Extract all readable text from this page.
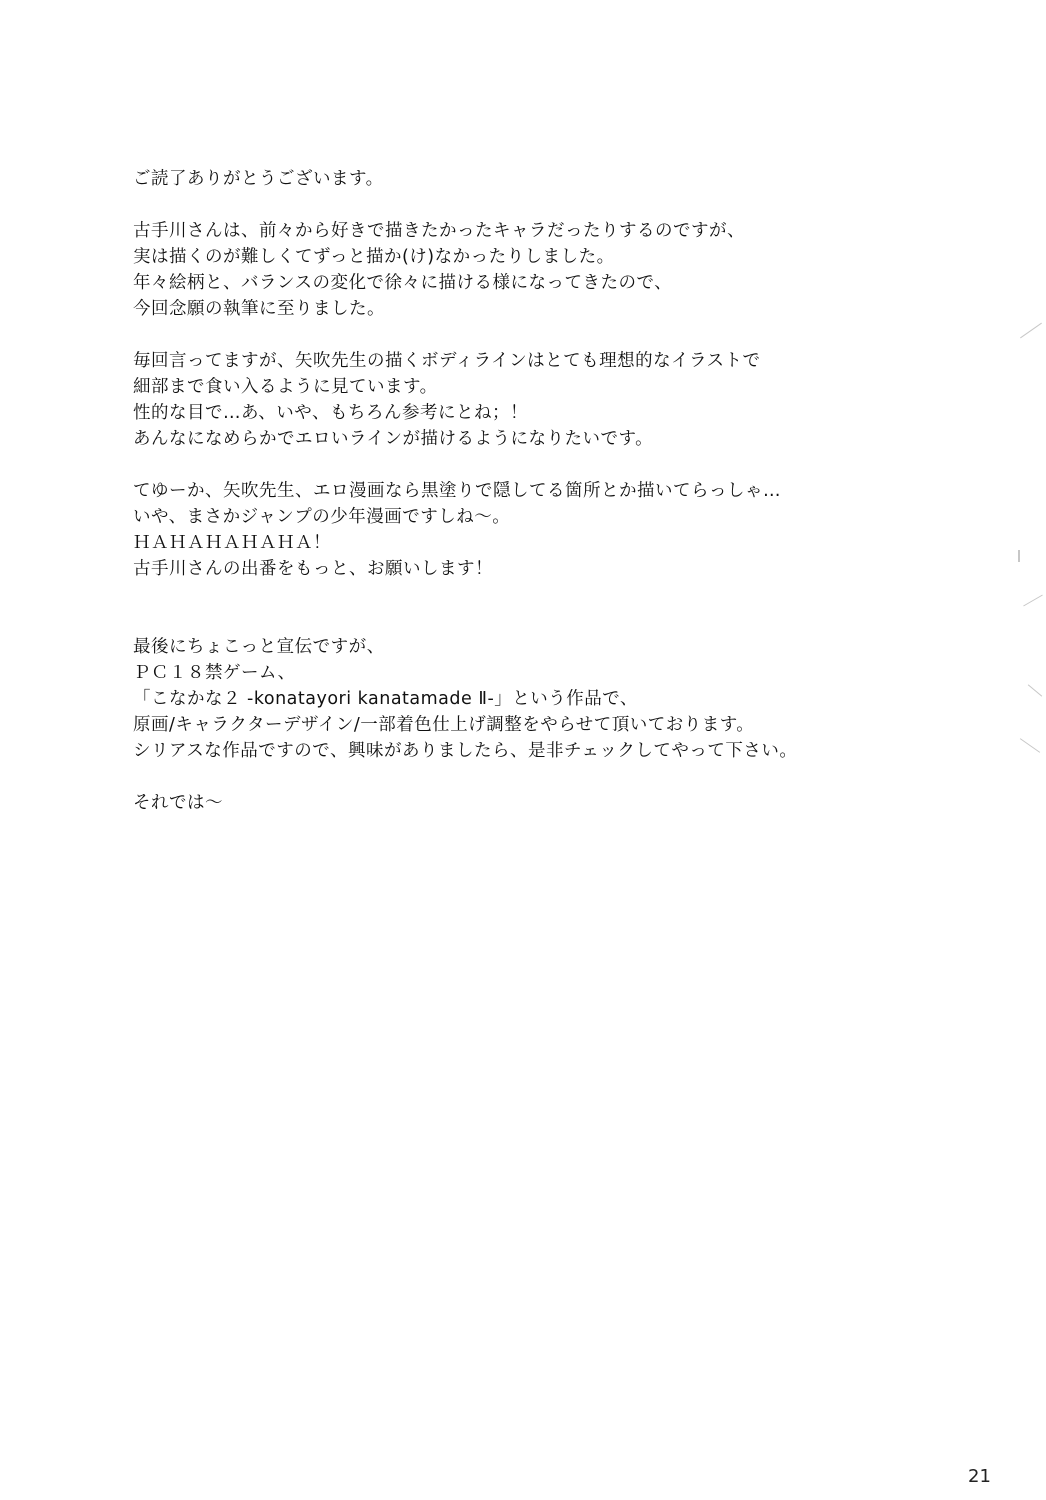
ご読了ありがとうございます。
古手川さんは、前々から好きで描きたかったキャラだったりするのですが、
実は描くのが難しくてずっと描か(け)なかったりしました。
年々絵柄と、バランスの変化で徐々に描ける様になってきたので、
今回念願の執筆に至りました。
毎回言ってますが、矢吹先生の描くボディラインはとても理想的なイラストで
細部まで食い入るように見ています。
性的な目で…あ、いや、もちろん参考にとね；！
あんなになめらかでエロいラインが描けるようになりたいです。
てゆーか、矢吹先生、エロ漫画なら黒塗りで隠してる箇所とか描いてらっしゃ…
いや、まさかジャンプの少年漫画ですしね〜。
ＨＡＨＡＨＡＨＡＨＡ！
古手川さんの出番をもっと、お願いします！
最後にちょこっと宣伝ですが、
ＰＣ１８禁ゲーム、
「こなかな２ -konatayori kanatamade Ⅱ-」という作品で、
原画/キャラクターデザイン/一部着色仕上げ調整をやらせて頂いております。
シリアスな作品ですので、興味がありましたら、是非チェックしてやって下さい。
それでは〜
21
